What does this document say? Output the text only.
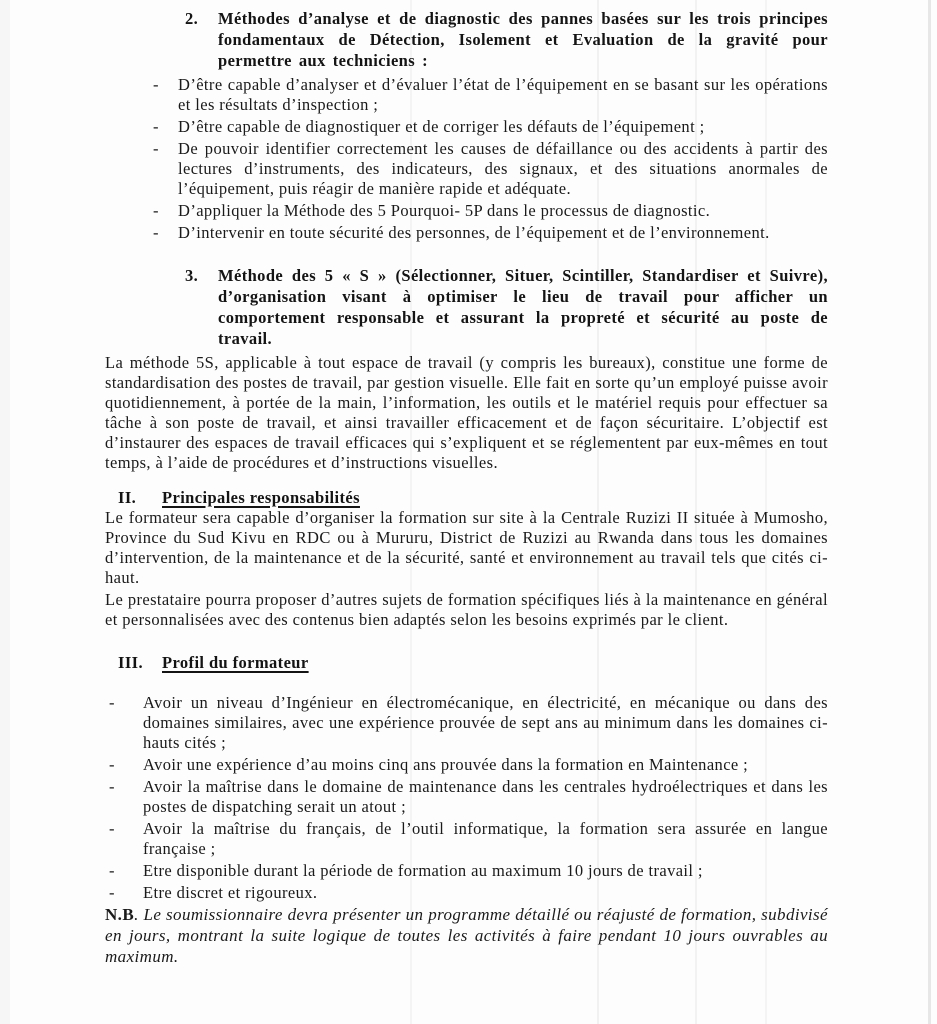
2.	Méthodes d’analyse et de diagnostic des pannes basées sur les trois principes fondamentaux de Détection, Isolement et Evaluation de la gravité pour permettre aux techniciens :
-	D’être capable d’analyser et d’évaluer l’état de l’équipement en se basant sur les opérations et les résultats d’inspection ;
-	D’être capable de diagnostiquer et de corriger les défauts de l’équipement ;
-	De pouvoir identifier correctement les causes de défaillance ou des accidents à partir des lectures d’instruments, des indicateurs, des signaux, et des situations anormales de l’équipement, puis réagir de manière rapide et adéquate.
-	D’appliquer la Méthode des 5 Pourquoi- 5P dans le processus de diagnostic.
-	D’intervenir en toute sécurité des personnes, de l’équipement et de l’environnement.
3.	Méthode des 5 « S » (Sélectionner, Situer, Scintiller, Standardiser et Suivre), d’organisation visant à optimiser le lieu de travail pour afficher un comportement responsable et assurant la propreté et sécurité au poste de travail.

La méthode 5S, applicable à tout espace de travail (y compris les bureaux), constitue une forme de standardisation des postes de travail, par gestion visuelle. Elle fait en sorte qu’un employé puisse avoir quotidiennement, à portée de la main, l’information, les outils et le matériel requis pour effectuer sa tâche à son poste de travail, et ainsi travailler efficacement et de façon sécuritaire. L’objectif est d’instaurer des espaces de travail efficaces qui s’expliquent et se réglementent par eux-mêmes en tout temps, à l’aide de procédures et d’instructions visuelles.

II.	Principales responsabilités

Le formateur sera capable d’organiser la formation sur site à la Centrale Ruzizi II située à Mumosho, Province du Sud Kivu en RDC ou à Mururu, District de Ruzizi au Rwanda dans tous les domaines d’intervention, de la maintenance et de la sécurité, santé et environnement au travail tels que cités ci-haut.

Le prestataire pourra proposer d’autres sujets de formation spécifiques liés à la maintenance en général et personnalisées avec des contenus bien adaptés selon les besoins exprimés par le client.

III.	Profil du formateur
-	Avoir un niveau d’Ingénieur en électromécanique, en électricité, en mécanique ou dans des domaines similaires, avec une expérience prouvée de sept ans au minimum dans les domaines ci-hauts cités ;
-	Avoir une expérience d’au moins cinq ans prouvée dans la formation en Maintenance ;
-	Avoir la maîtrise dans le domaine de maintenance dans les centrales hydroélectriques et dans les postes de dispatching serait un atout ;
-	Avoir la maîtrise du français, de l’outil informatique, la formation sera assurée en langue française ;
-	Etre disponible durant la période de formation au maximum 10 jours de travail ;
-	Etre discret et rigoureux.

N.B. Le soumissionnaire devra présenter un programme détaillé ou réajusté de formation, subdivisé en jours, montrant la suite logique de toutes les activités à faire pendant 10 jours ouvrables au maximum.
